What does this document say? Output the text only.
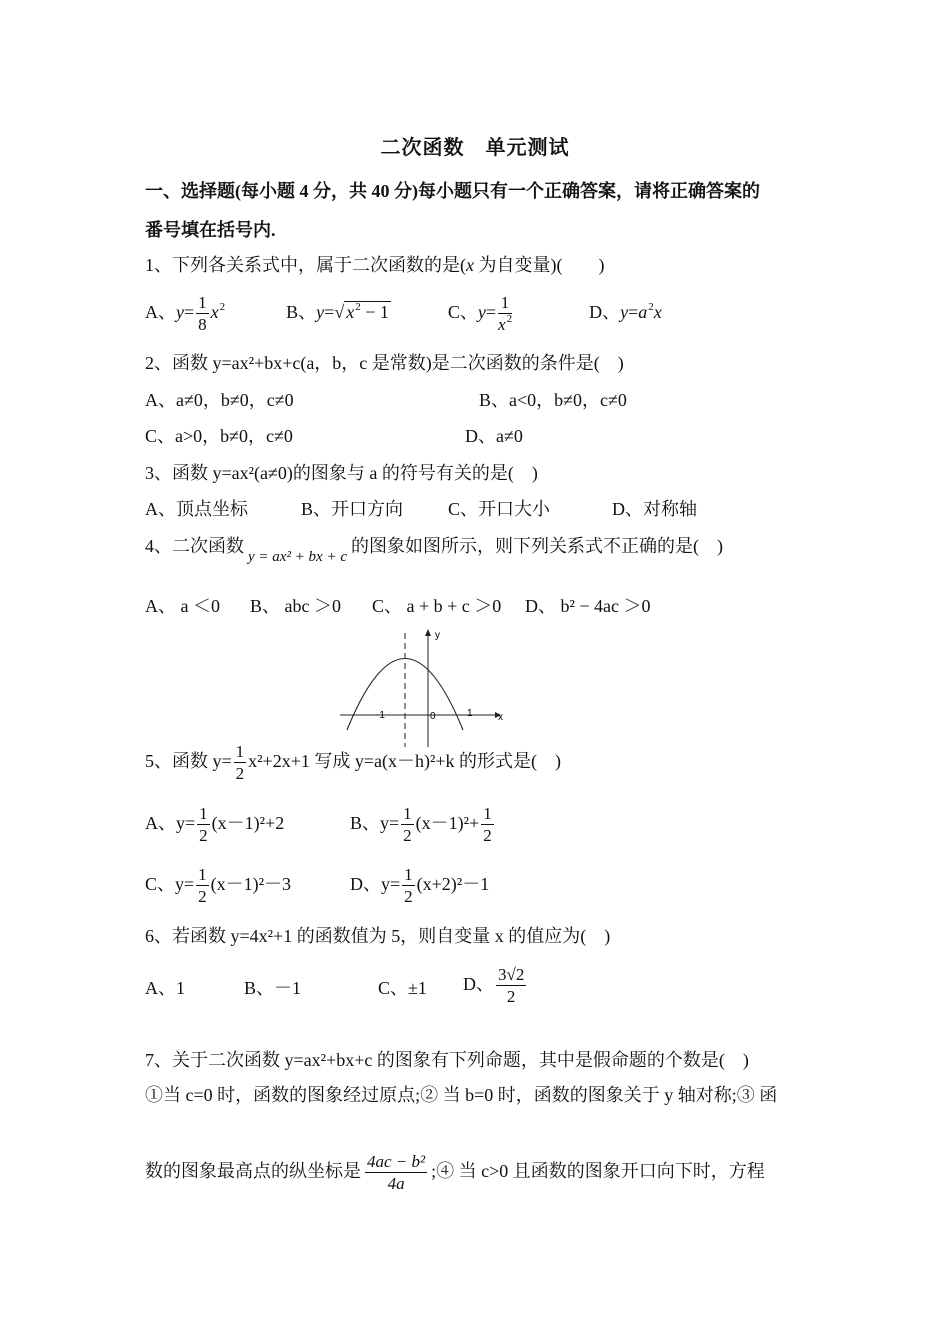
二次函数　单元测试
一、选择题(每小题 4 分，共 40 分)每小题只有一个正确答案，请将正确答案的
番号填在括号内.
1、下列各关系式中，属于二次函数的是(x 为自变量)(　　)
A、$y= \frac{1}{8} x^2$	B、y=√ $x^2 - 1$	C、$y= \frac{1}{x^2}$	D、$y=a^2x$
2、函数 y=ax²+bx+c(a，b，c 是常数)是二次函数的条件是(　)
A、a≠0，b≠0，c≠0	B、a<0，b≠0，c≠0
C、a>0，b≠0，c≠0	D、a≠0
3、函数 y=ax²(a≠0)的图象与 a 的符号有关的是(　)
A、顶点坐标	B、开口方向 C、开口大小	D、对称轴
4、二次函数$_{y = ax^2 + bx + c}$的图象如图所示，则下列关系式不正确的是(　)
A、 a ＜0 B、 abc ＞0 C、 a + b + c ＞0 D、 b² − 4ac ＞0
y
x
-1	0	1
5、函数 $y= \frac{1}{2} x^2+2x+1$ 写成 y=a(x－h)²+k 的形式是(　)
A、$y= \frac{1}{2} (x-1)^2+2$	B、$y= \frac{1}{2} (x-1)^2+ \frac{1}{2}$
C、$y= \frac{1}{2} (x-1)^2-3$	D、$y= \frac{1}{2} (x+2)^2-1$
6、若函数 y=4x²+1 的函数值为 5，则自变量 x 的值应为(　)
A、1	B、－1	C、±1 D、 $\frac{3√2}{2}$
7、关于二次函数 y=ax²+bx+c 的图象有下列命题，其中是假命题的个数是(　)
①当 c=0 时，函数的图象经过原点;② 当 b=0 时，函数的图象关于 y 轴对称;③ 函
数的图象最高点的纵坐标是 $\frac{\text{4ac − b²}}{4a}$ ;④ 当 c>0 且函数的图象开口向下时，方程
